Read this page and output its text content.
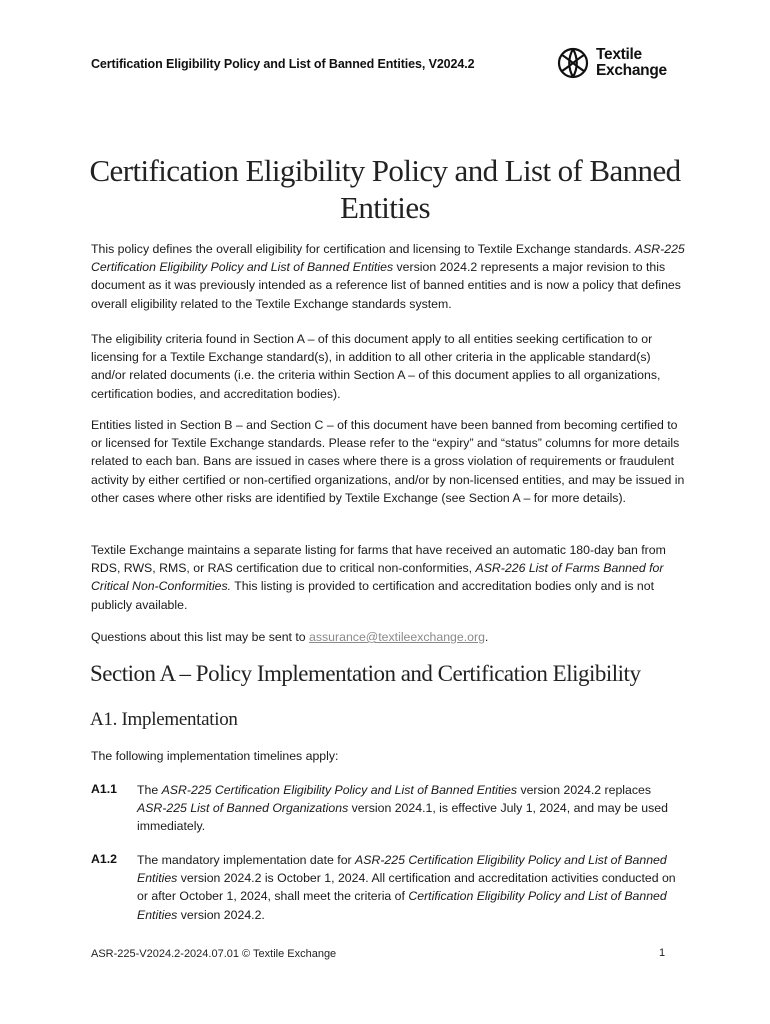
Certification Eligibility Policy and List of Banned Entities, V2024.2
Textile
Exchange
Certification Eligibility Policy and List of Banned Entities
This policy defines the overall eligibility for certification and licensing to Textile Exchange standards. ASR-225 Certification Eligibility Policy and List of Banned Entities version 2024.2 represents a major revision to this document as it was previously intended as a reference list of banned entities and is now a policy that defines overall eligibility related to the Textile Exchange standards system.
The eligibility criteria found in Section A – of this document apply to all entities seeking certification to or licensing for a Textile Exchange standard(s), in addition to all other criteria in the applicable standard(s) and/or related documents (i.e. the criteria within Section A – of this document applies to all organizations, certification bodies, and accreditation bodies).
Entities listed in Section B – and Section C – of this document have been banned from becoming certified to or licensed for Textile Exchange standards. Please refer to the “expiry” and “status” columns for more details related to each ban. Bans are issued in cases where there is a gross violation of requirements or fraudulent activity by either certified or non-certified organizations, and/or by non-licensed entities, and may be issued in other cases where other risks are identified by Textile Exchange (see Section A – for more details).
Textile Exchange maintains a separate listing for farms that have received an automatic 180-day ban from RDS, RWS, RMS, or RAS certification due to critical non-conformities, ASR-226 List of Farms Banned for Critical Non-Conformities. This listing is provided to certification and accreditation bodies only and is not publicly available.
Questions about this list may be sent to assurance@textileexchange.org.
Section A – Policy Implementation and Certification Eligibility
A1. Implementation
The following implementation timelines apply:
A1.1 The ASR-225 Certification Eligibility Policy and List of Banned Entities version 2024.2 replaces ASR-225 List of Banned Organizations version 2024.1, is effective July 1, 2024, and may be used immediately.
A1.2 The mandatory implementation date for ASR-225 Certification Eligibility Policy and List of Banned Entities version 2024.2 is October 1, 2024. All certification and accreditation activities conducted on or after October 1, 2024, shall meet the criteria of Certification Eligibility Policy and List of Banned Entities version 2024.2.
ASR-225-V2024.2-2024.07.01 © Textile Exchange	1
